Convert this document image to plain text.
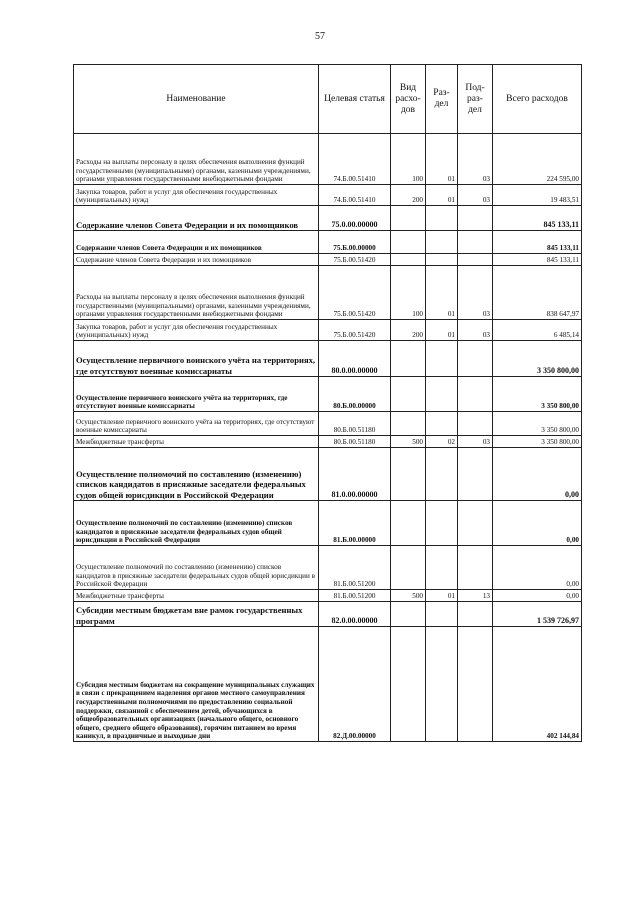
57
Наименование	Целевая статья	Вид расхо- дов	Раз- дел	Под- раз- дел	Всего расходов
Расходы на выплаты персоналу в целях обеспечения выполнения функций государственными (муниципальными) органами, казенными учреждениями, органами управления государственными внебюджетными фондами	74.Б.00.51410	100	01	03	224 595,00
Закупка товаров, работ и услуг для обеспечения государственных (муниципальных) нужд	74.Б.00.51410	200	01	03	19 483,51
Содержание членов Совета Федерации и их помощников	75.0.00.00000				845 133,11
Содержание членов Совета Федерации и их помощников	75.Б.00.00000				845 133,11
Содержание членов Совета Федерации и их помощников	75.Б.00.51420				845 133,11
Расходы на выплаты персоналу в целях обеспечения выполнения функций государственными (муниципальными) органами, казенными учреждениями, органами управления государственными внебюджетными фондами	75.Б.00.51420	100	01	03	838 647,97
Закупка товаров, работ и услуг для обеспечения государственных (муниципальных) нужд	75.Б.00.51420	200	01	03	6 485,14
Осуществление первичного воинского учёта на территориях, где отсутствуют военные комиссариаты	80.0.00.00000				3 350 800,00
Осуществление первичного воинского учёта на территориях, где отсутствуют военные комиссариаты	80.Б.00.00000				3 350 800,00
Осуществление первичного воинского учёта на территориях, где отсутствуют военные комиссариаты	80.Б.00.51180				3 350 800,00
Межбюджетные трансферты	80.Б.00.51180	500	02	03	3 350 800,00
Осуществление полномочий по составлению (изменению) списков кандидатов в присяжные заседатели федеральных судов общей юрисдикции в Российской Федерации	81.0.00.00000				0,00
Осуществление полномочий по составлению (изменению) списков кандидатов в присяжные заседатели федеральных судов общей юрисдикции в Российской Федерации	81.Б.00.00000				0,00
Осуществление полномочий по составлению (изменению) списков кандидатов в присяжные заседатели федеральных судов общей юрисдикции в Российской Федерации	81.Б.00.51200				0,00
Межбюджетные трансферты	81.Б.00.51200	500	01	13	0,00
Субсидии местным бюджетам вне рамок государственных программ	82.0.00.00000				1 539 726,97
Субсидия местным бюджетам на сокращение муниципальных служащих в связи с прекращением наделения органов местного самоуправления государственными полномочиями по предоставлению социальной поддержки, связанной с обеспечением детей, обучающихся в общеобразовательных организациях (начального общего, основного общего, среднего общего образования), горячим питанием во время каникул, в праздничные и выходные дни	82.Д.00.00000				402 144,84
